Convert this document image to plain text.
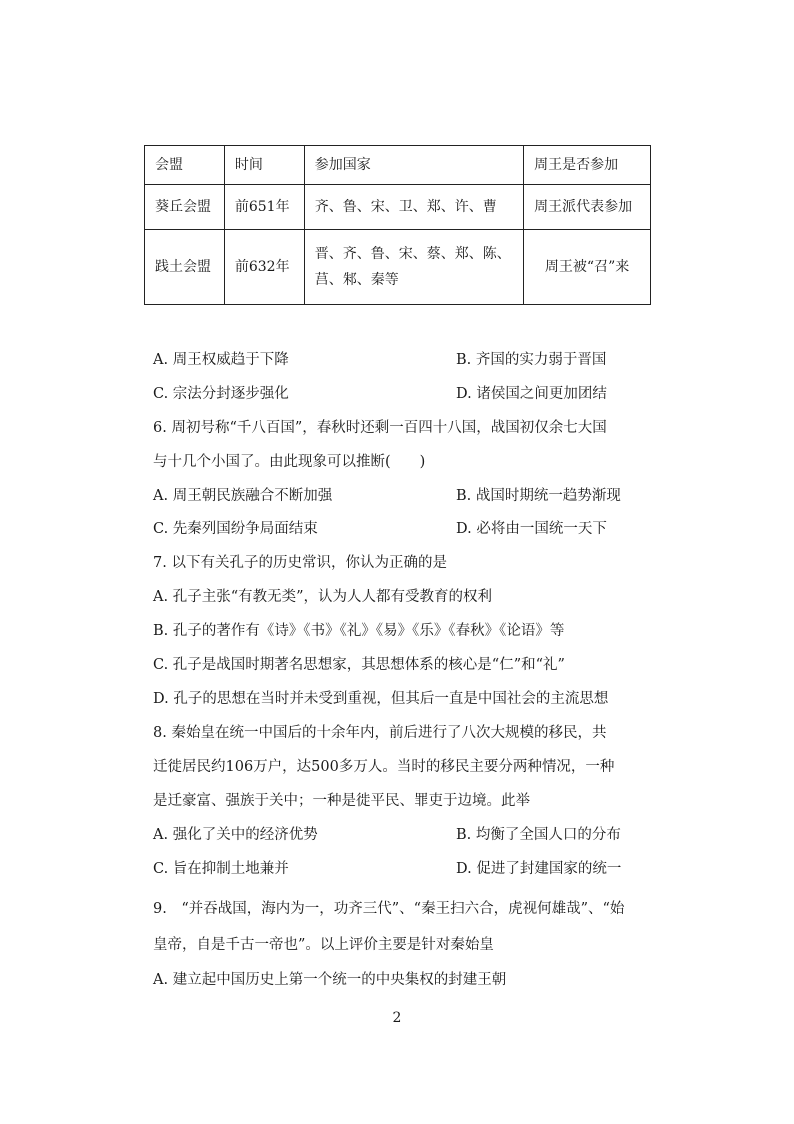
会盟	时间	参加国家	周王是否参加
葵丘会盟	前651年	齐、鲁、宋、卫、郑、许、曹	周王派代表参加
践土会盟	前632年	晋、齐、鲁、宋、蔡、郑、陈、莒、邾、秦等	周王被“召”来
A. 周王权威趋于下降	B. 齐国的实力弱于晋国
C. 宗法分封逐步强化	D. 诸侯国之间更加团结
6. 周初号称“千八百国”，春秋时还剩一百四十八国，战国初仅余七大国
与十几个小国了。由此现象可以推断(　　)
A. 周王朝民族融合不断加强	B. 战国时期统一趋势渐现
C. 先秦列国纷争局面结束	D. 必将由一国统一天下
7. 以下有关孔子的历史常识，你认为正确的是
A. 孔子主张“有教无类”，认为人人都有受教育的权利
B. 孔子的著作有《诗》《书》《礼》《易》《乐》《春秋》《论语》等
C. 孔子是战国时期著名思想家，其思想体系的核心是“仁”和“礼”
D. 孔子的思想在当时并未受到重视，但其后一直是中国社会的主流思想
8. 秦始皇在统一中国后的十余年内，前后进行了八次大规模的移民，共
迁徙居民约106万户，达500多万人。当时的移民主要分两种情况，一种
是迁豪富、强族于关中；一种是徙平民、罪吏于边境。此举
A. 强化了关中的经济优势	B. 均衡了全国人口的分布
C. 旨在抑制土地兼并	D. 促进了封建国家的统一
9.　“并吞战国，海内为一，功齐三代”、“秦王扫六合，虎视何雄哉”、“始
皇帝，自是千古一帝也”。以上评价主要是针对秦始皇
A. 建立起中国历史上第一个统一的中央集权的封建王朝
2
